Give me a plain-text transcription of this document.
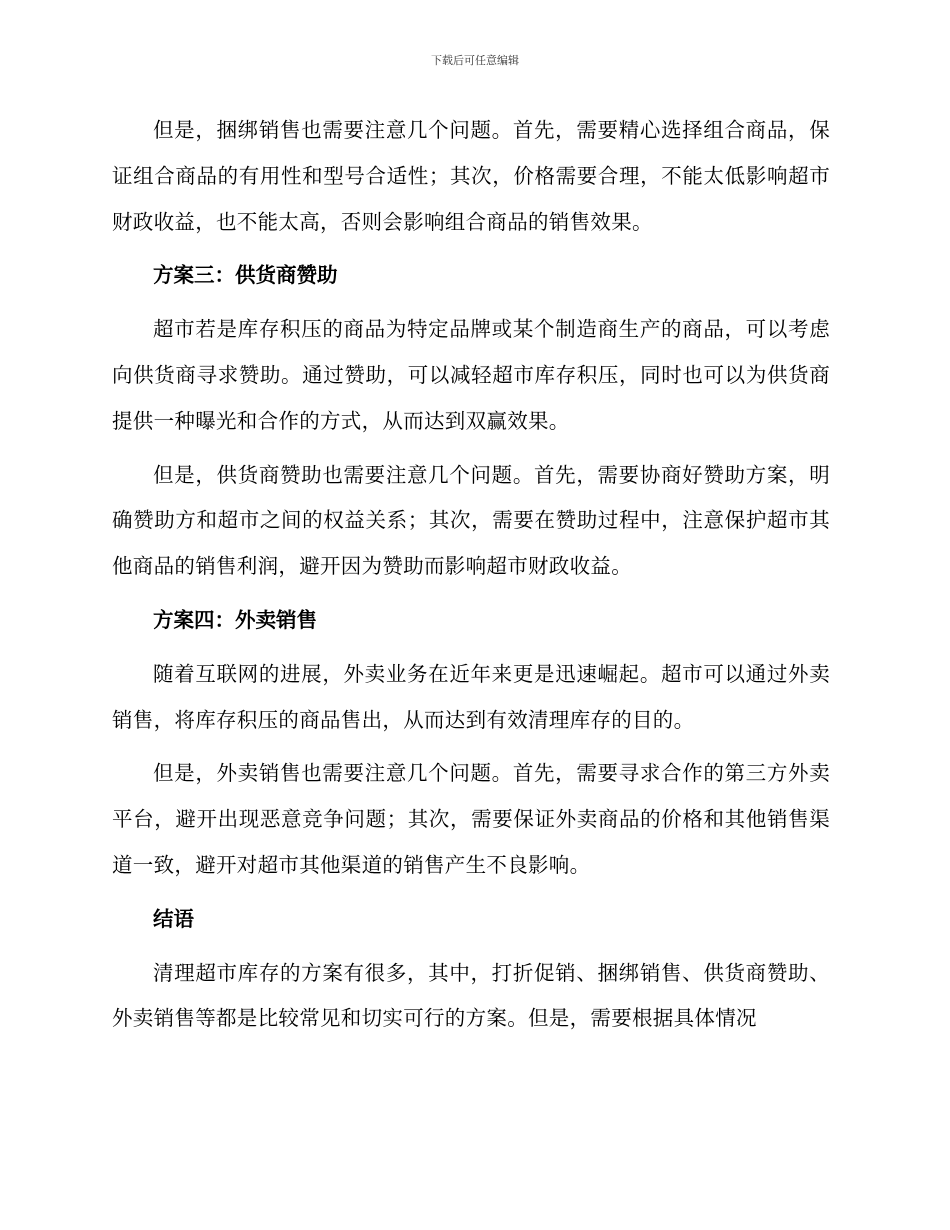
下载后可任意编辑

但是，捆绑销售也需要注意几个问题。首先，需要精心选择组合商品，保证组合商品的有用性和型号合适性；其次，价格需要合理，不能太低影响超市财政收益，也不能太高，否则会影响组合商品的销售效果。

方案三：供货商赞助

超市若是库存积压的商品为特定品牌或某个制造商生产的商品，可以考虑向供货商寻求赞助。通过赞助，可以减轻超市库存积压，同时也可以为供货商提供一种曝光和合作的方式，从而达到双赢效果。

但是，供货商赞助也需要注意几个问题。首先，需要协商好赞助方案，明确赞助方和超市之间的权益关系；其次，需要在赞助过程中，注意保护超市其他商品的销售利润，避开因为赞助而影响超市财政收益。

方案四：外卖销售

随着互联网的进展，外卖业务在近年来更是迅速崛起。超市可以通过外卖销售，将库存积压的商品售出，从而达到有效清理库存的目的。

但是，外卖销售也需要注意几个问题。首先，需要寻求合作的第三方外卖平台，避开出现恶意竞争问题；其次，需要保证外卖商品的价格和其他销售渠道一致，避开对超市其他渠道的销售产生不良影响。

结语

清理超市库存的方案有很多，其中，打折促销、捆绑销售、供货商赞助、外卖销售等都是比较常见和切实可行的方案。但是，需要根据具体情况
